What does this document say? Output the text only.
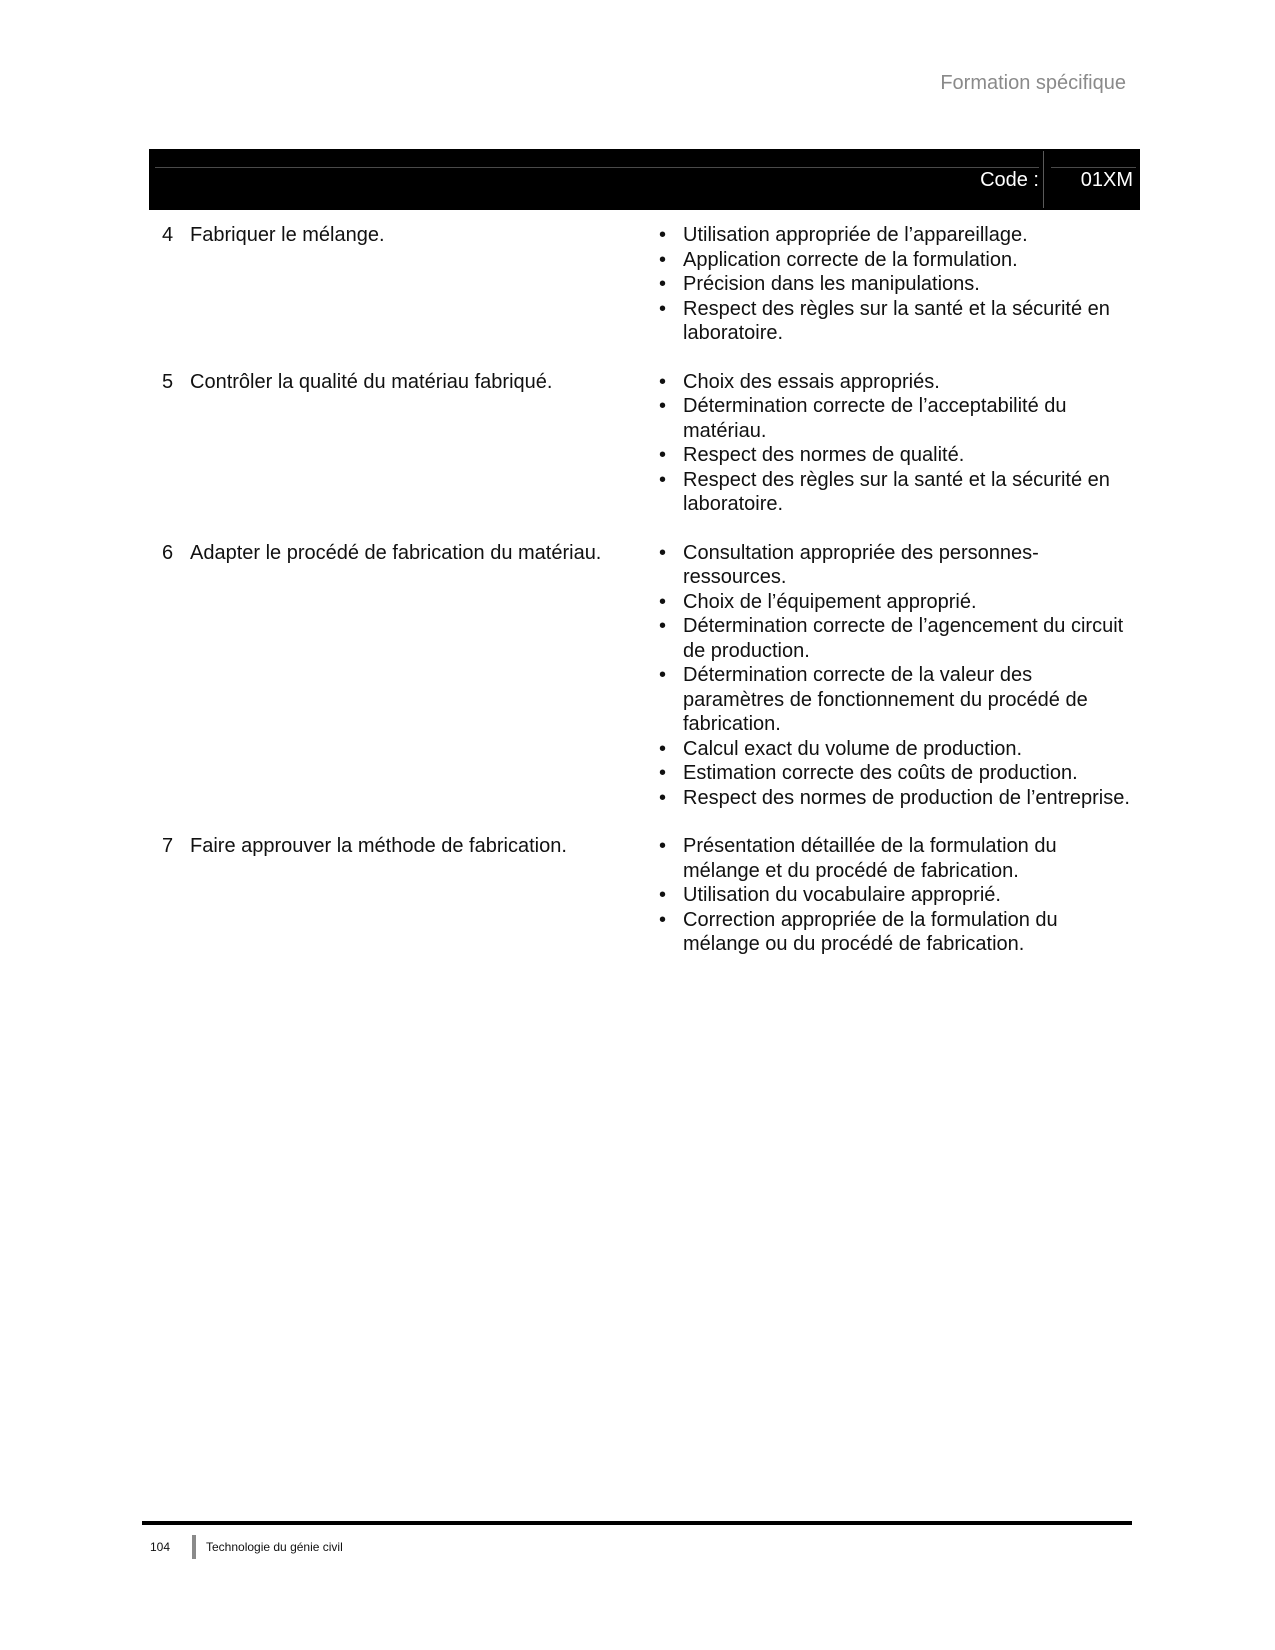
Formation spécifique
Code : 01XM
4 Fabriquer le mélange.	• Utilisation appropriée de l’appareillage.
• Application correcte de la formulation.
• Précision dans les manipulations.
• Respect des règles sur la santé et la sécurité en laboratoire.
5 Contrôler la qualité du matériau fabriqué.	• Choix des essais appropriés.
• Détermination correcte de l’acceptabilité du matériau.
• Respect des normes de qualité.
• Respect des règles sur la santé et la sécurité en laboratoire.
6 Adapter le procédé de fabrication du matériau.	• Consultation appropriée des personnes-ressources.
• Choix de l’équipement approprié.
• Détermination correcte de l’agencement du circuit de production.
• Détermination correcte de la valeur des paramètres de fonctionnement du procédé de fabrication.
• Calcul exact du volume de production.
• Estimation correcte des coûts de production.
• Respect des normes de production de l’entreprise.
7 Faire approuver la méthode de fabrication.	• Présentation détaillée de la formulation du mélange et du procédé de fabrication.
• Utilisation du vocabulaire approprié.
• Correction appropriée de la formulation du mélange ou du procédé de fabrication.
104	Technologie du génie civil
